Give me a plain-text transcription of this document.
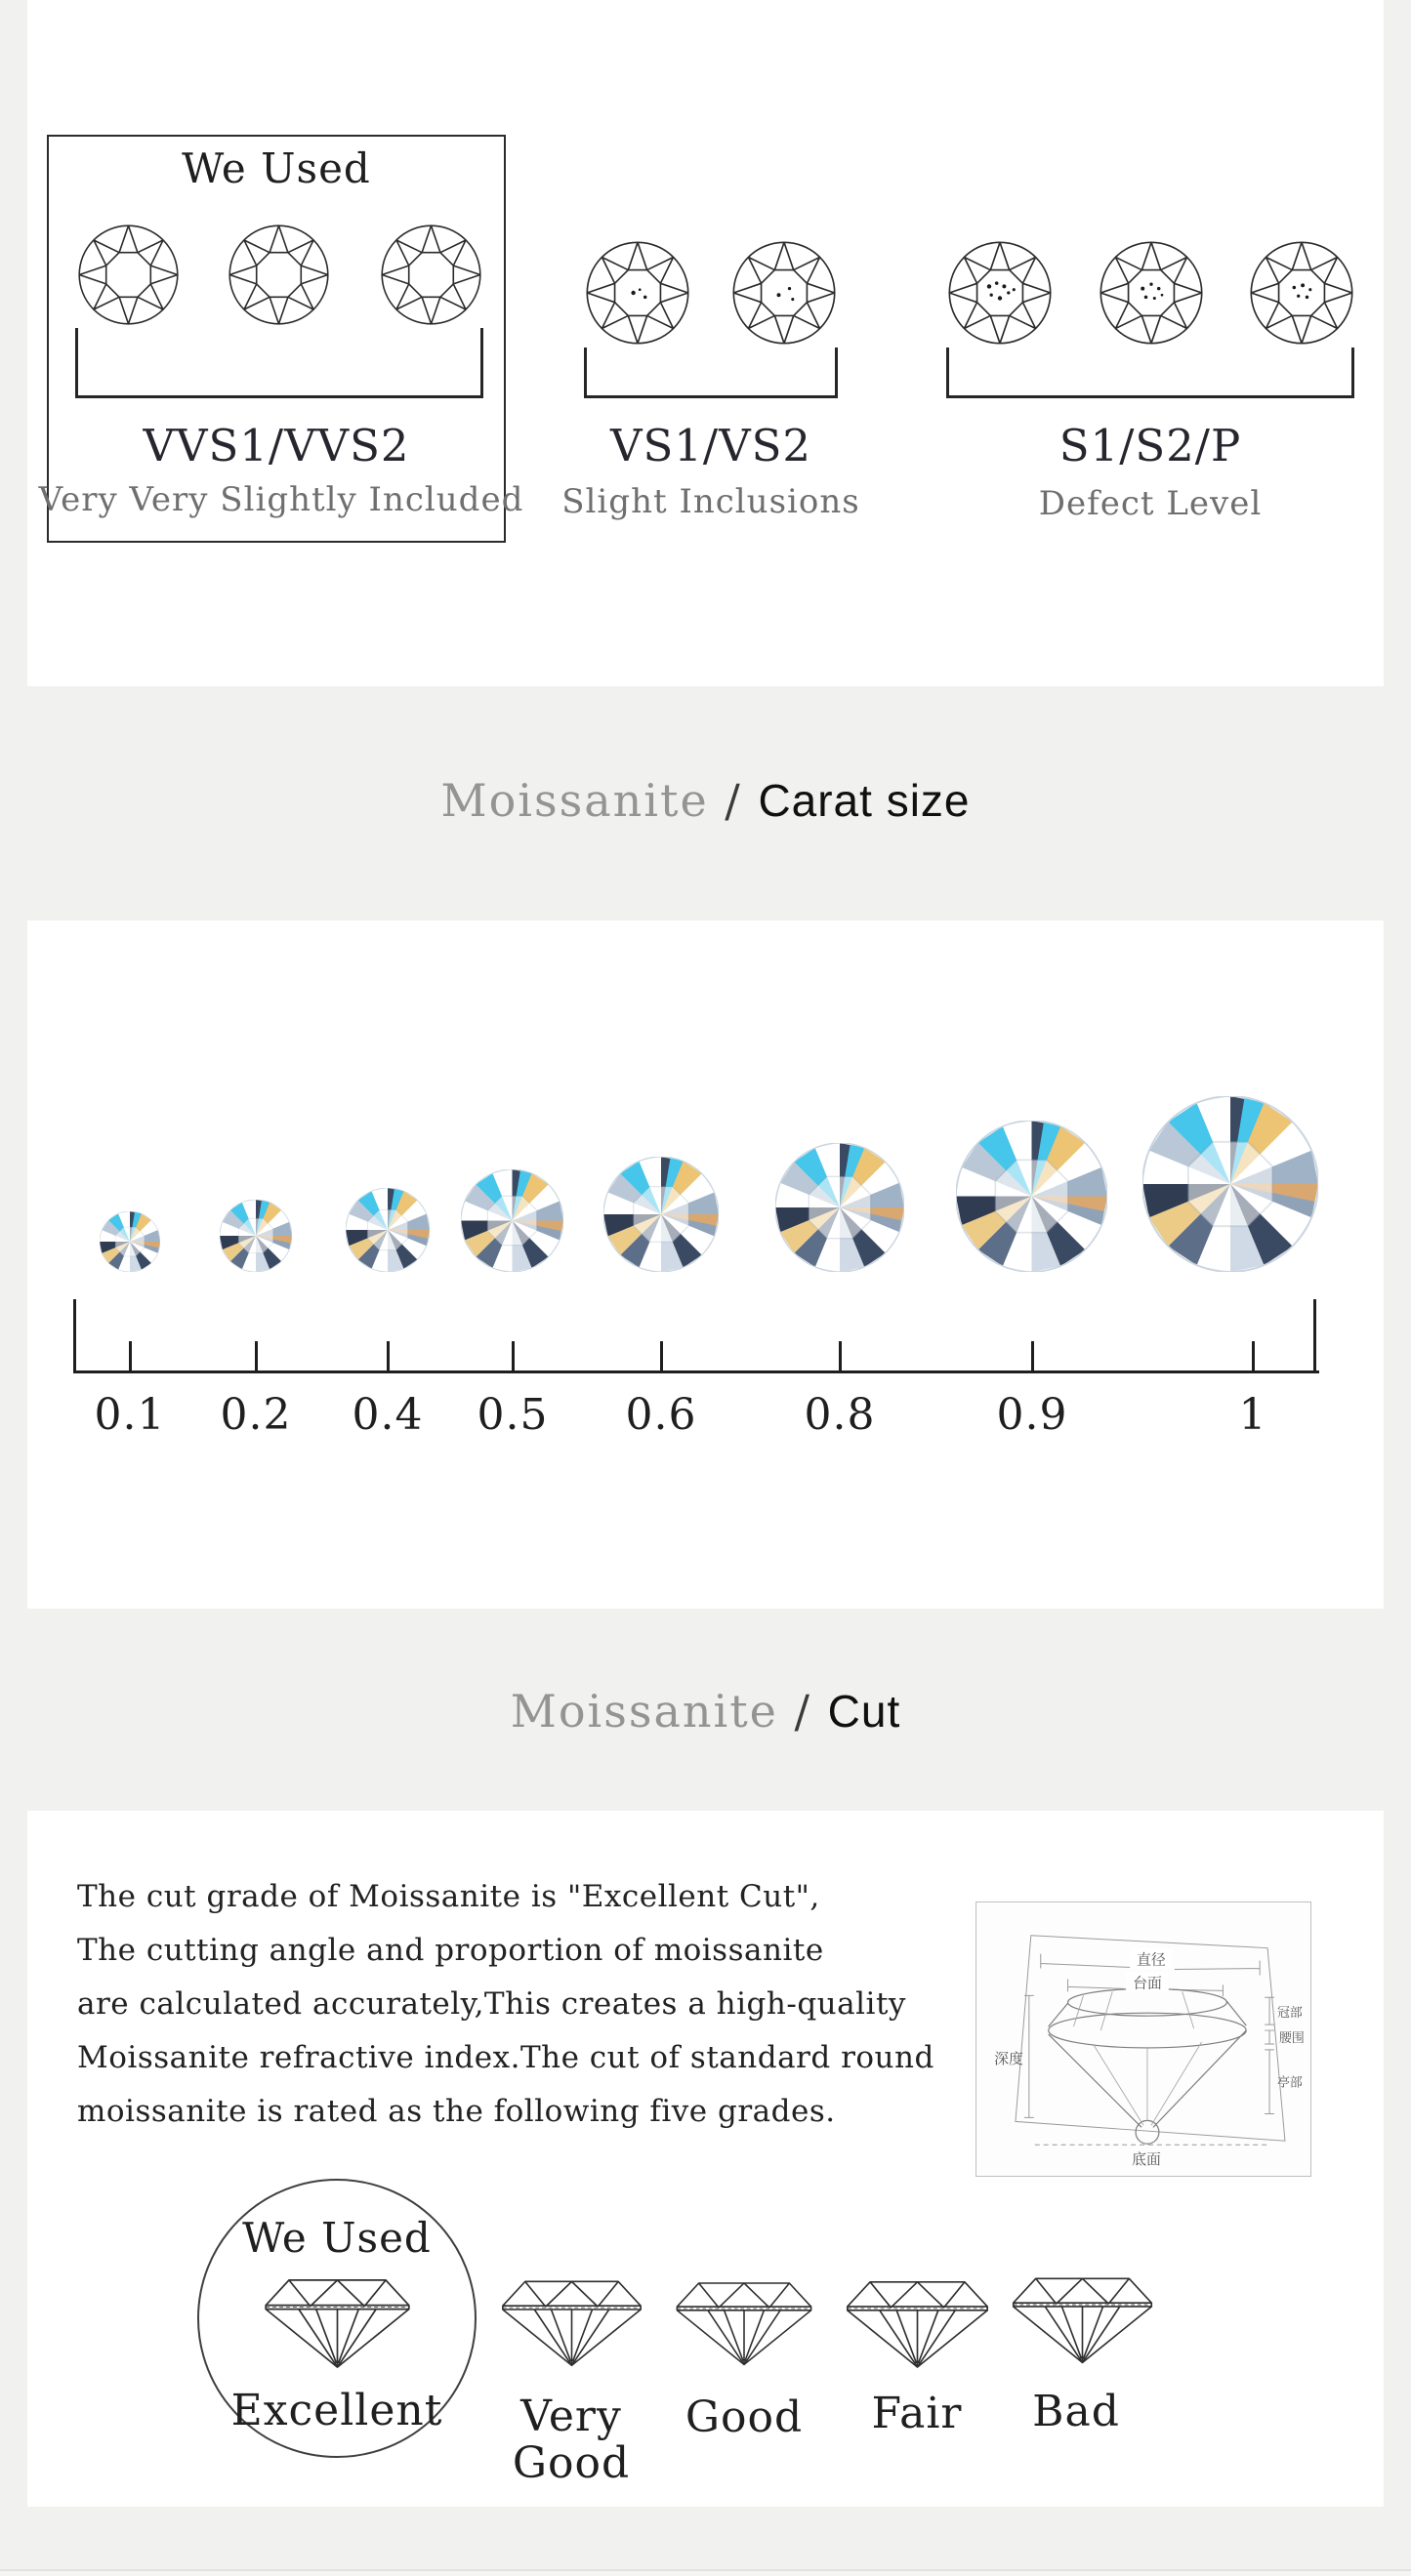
We Used
VVS1/VVS2
Very Very Slightly Included
VS1/VS2
Slight Inclusions
S1/S2/P
Defect Level
Moissanite / Carat size
0.1	0.2	0.4	0.5	0.6	0.8	0.9	1
Moissanite / Cut
The cut grade of Moissanite is "Excellent Cut",
The cutting angle and proportion of moissanite
are calculated accurately,This creates a high-quality
Moissanite refractive index.The cut of standard round
moissanite is rated as the following five grades.
直径
台面
深度
冠部
腰围
亭部
底面
We Used
Excellent	Very Good
Good	Fair	Bad
